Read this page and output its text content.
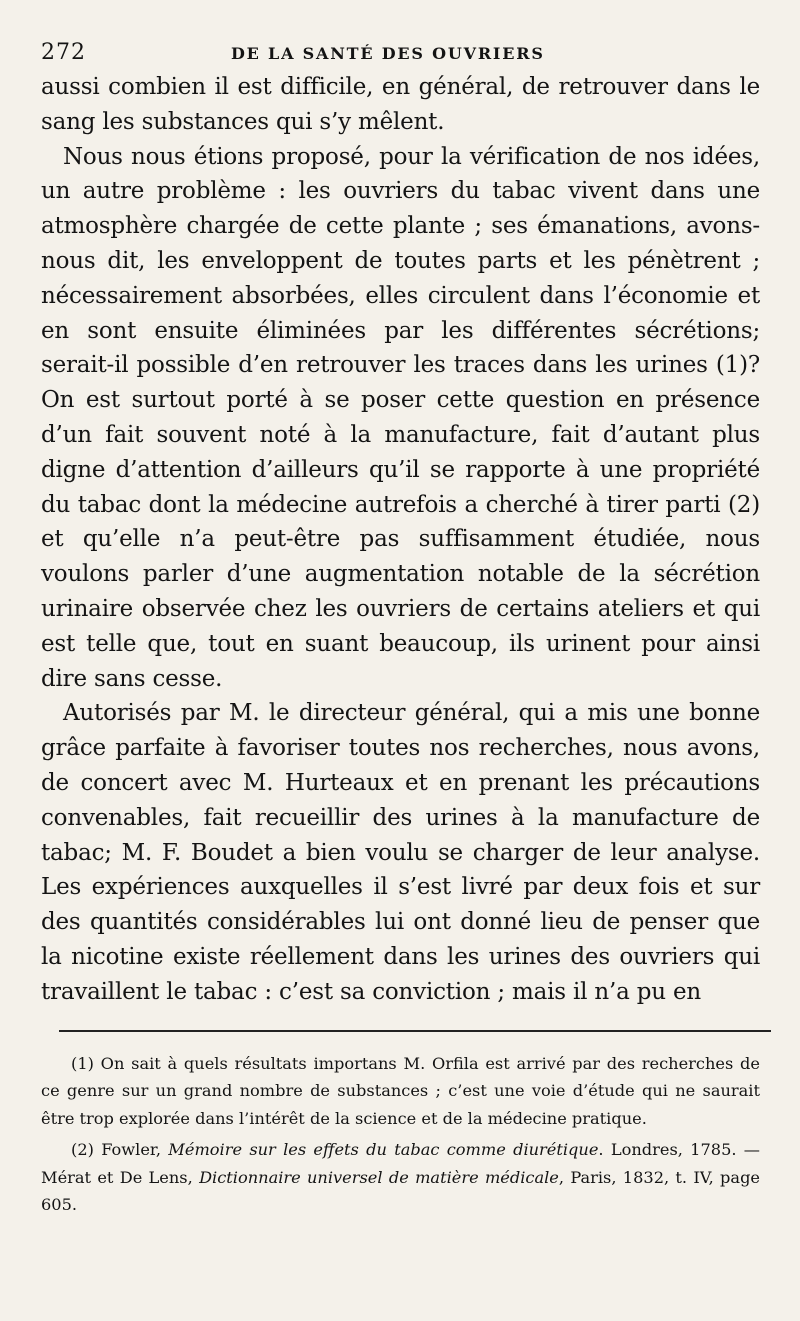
272	DE LA SANTÉ DES OUVRIERS

aussi combien il est difficile, en général, de retrouver dans le sang les substances qui s’y mêlent.

Nous nous étions proposé, pour la vérification de nos idées, un autre problème : les ouvriers du tabac vivent dans une atmosphère chargée de cette plante ; ses émanations, avons-nous dit, les enveloppent de toutes parts et les pénètrent ; nécessairement absorbées, elles circulent dans l’économie et en sont ensuite éliminées par les différentes sécrétions; serait-il possible d’en retrouver les traces dans les urines (1)? On est surtout porté à se poser cette question en présence d’un fait souvent noté à la manufacture, fait d’autant plus digne d’attention d’ailleurs qu’il se rapporte à une propriété du tabac dont la médecine autrefois a cherché à tirer parti (2) et qu’elle n’a peut-être pas suffisamment étudiée, nous voulons parler d’une augmentation notable de la sécrétion urinaire observée chez les ouvriers de certains ateliers et qui est telle que, tout en suant beaucoup, ils urinent pour ainsi dire sans cesse.

Autorisés par M. le directeur général, qui a mis une bonne grâce parfaite à favoriser toutes nos recherches, nous avons, de concert avec M. Hurteaux et en prenant les précautions convenables, fait recueillir des urines à la manufacture de tabac; M. F. Boudet a bien voulu se charger de leur analyse. Les expériences auxquelles il s’est livré par deux fois et sur des quantités considérables lui ont donné lieu de penser que la nicotine existe réellement dans les urines des ouvriers qui travaillent le tabac : c’est sa conviction ; mais il n’a pu en

(1) On sait à quels résultats importans M. Orfila est arrivé par des recherches de ce genre sur un grand nombre de substances ; c’est une voie d’étude qui ne saurait être trop explorée dans l’intérêt de la science et de la médecine pratique.

(2) Fowler, Mémoire sur les effets du tabac comme diurétique. Londres, 1785. — Mérat et De Lens, Dictionnaire universel de matière médicale, Paris, 1832, t. IV, page 605.
